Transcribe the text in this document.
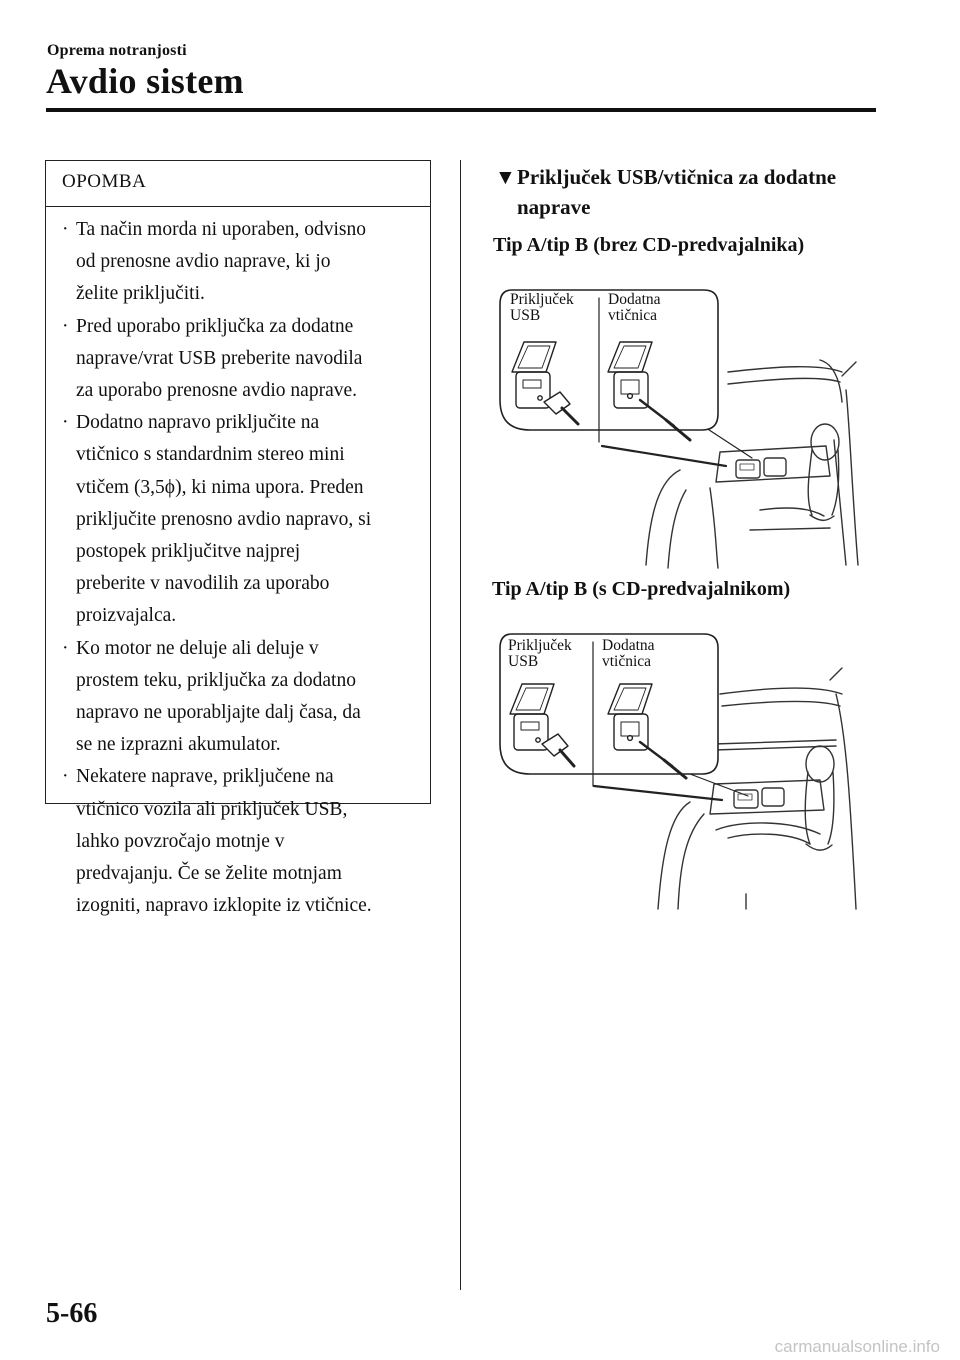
Oprema notranjosti
Avdio sistem
OPOMBA
· Ta način morda ni uporaben, odvisno
od prenosne avdio naprave, ki jo
želite priključiti.
· Pred uporabo priključka za dodatne
naprave/vrat USB preberite navodila
za uporabo prenosne avdio naprave.
· Dodatno napravo priključite na
vtičnico s standardnim stereo mini
vtičem (3,5ϕ), ki nima upora. Preden
priključite prenosno avdio napravo, si
postopek priključitve najprej
preberite v navodilih za uporabo
proizvajalca.
· Ko motor ne deluje ali deluje v
prostem teku, priključka za dodatno
napravo ne uporabljajte dalj časa, da
se ne izprazni akumulator.
· Nekatere naprave, priključene na
vtičnico vozila ali priključek USB,
lahko povzročajo motnje v
predvajanju. Če se želite motnjam
izogniti, napravo izklopite iz vtičnice.
▼ Priključek USB/vtičnica za dodatne
naprave
Tip A/tip B (brez CD-predvajalnika)
Tip A/tip B (s CD-predvajalnikom)
Priključek
USB
Dodatna
vtičnica
Priključek
USB
Dodatna
vtičnica
5-66
carmanualsonline.info
